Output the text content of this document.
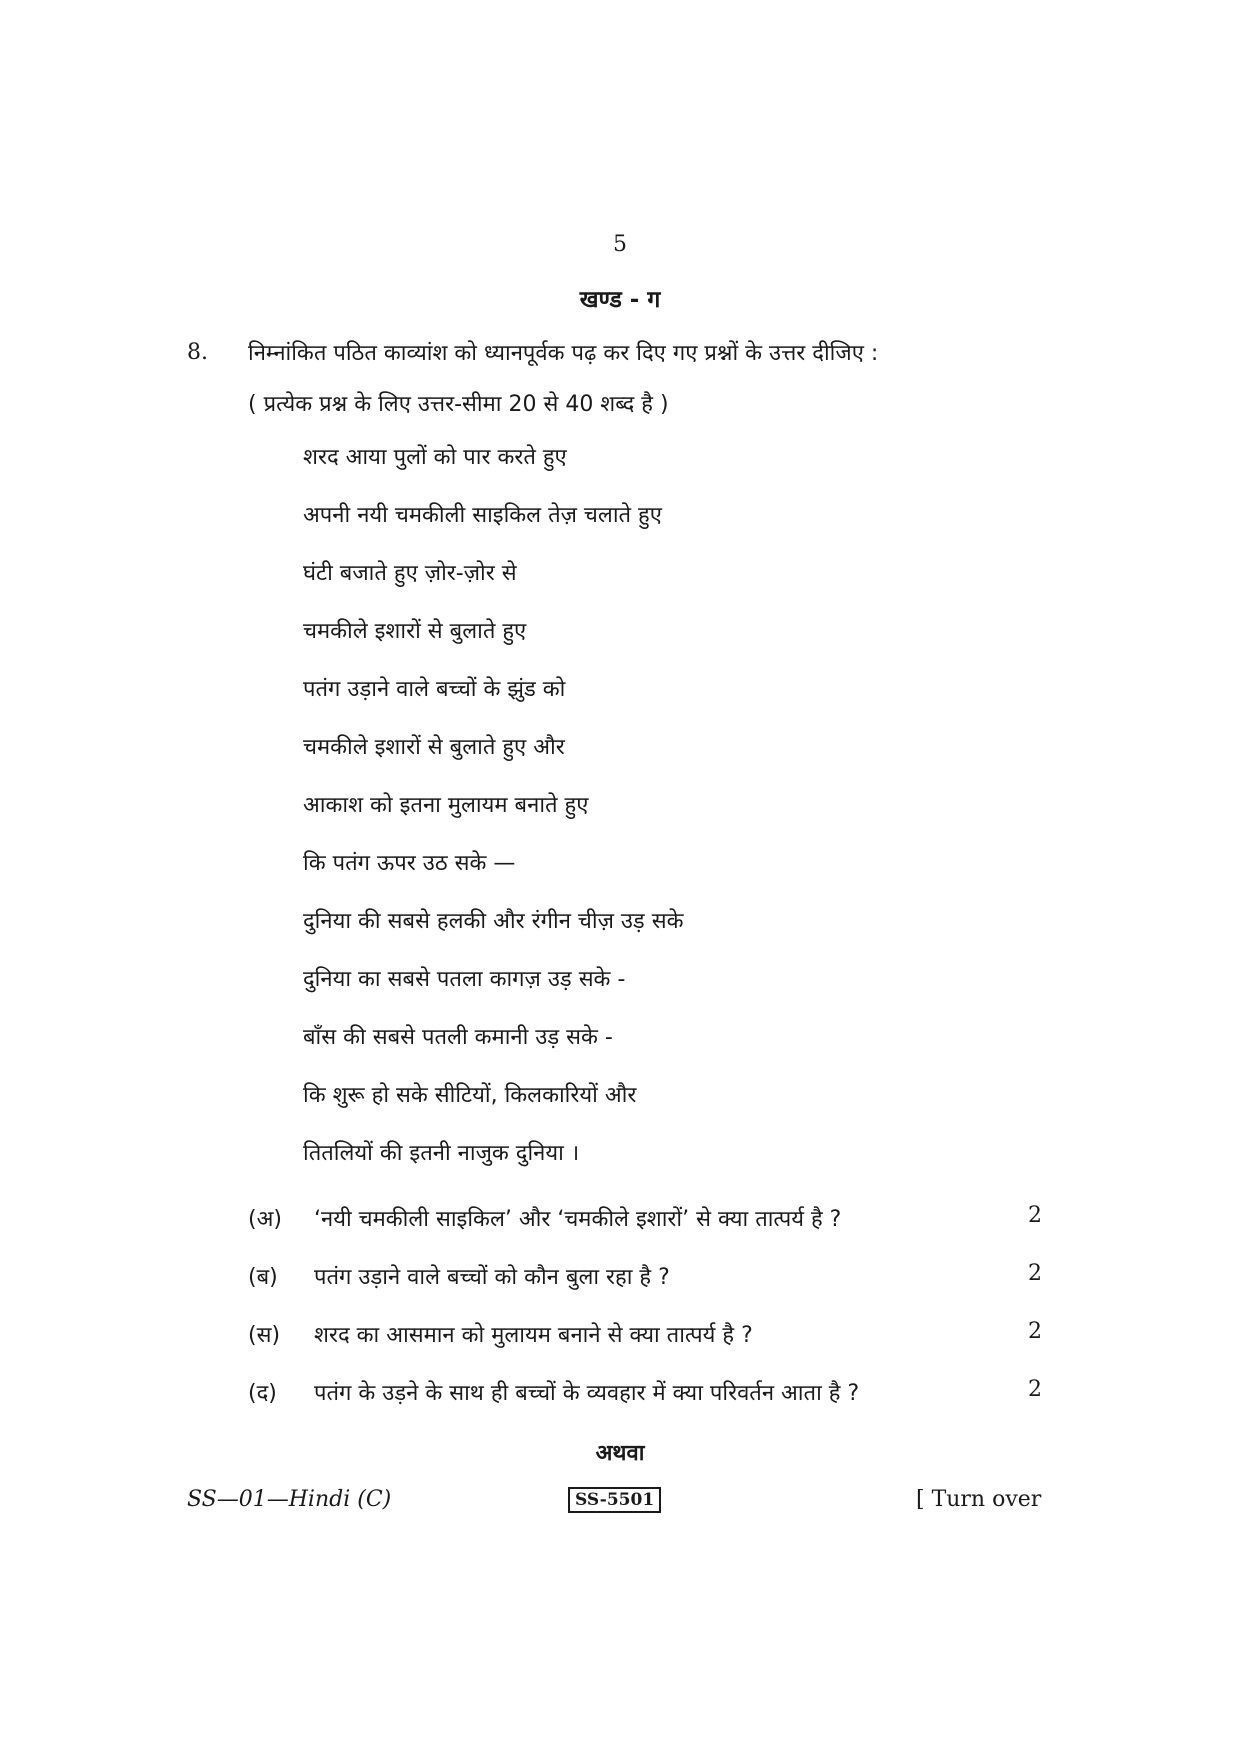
5
खण्ड - ग
8. निम्नांकित पठित काव्यांश को ध्यानपूर्वक पढ़ कर दिए गए प्रश्नों के उत्तर दीजिए :
( प्रत्येक प्रश्न के लिए उत्तर-सीमा 20 से 40 शब्द है )
शरद आया पुलों को पार करते हुए
अपनी नयी चमकीली साइकिल तेज़ चलाते हुए
घंटी बजाते हुए ज़ोर-ज़ोर से
चमकीले इशारों से बुलाते हुए
पतंग उड़ाने वाले बच्चों के झुंड को
चमकीले इशारों से बुलाते हुए और
आकाश को इतना मुलायम बनाते हुए
कि पतंग ऊपर उठ सके —
दुनिया की सबसे हलकी और रंगीन चीज़ उड़ सके
दुनिया का सबसे पतला कागज़ उड़ सके -
बाँस की सबसे पतली कमानी उड़ सके -
कि शुरू हो सके सीटियों, किलकारियों और
तितलियों की इतनी नाजुक दुनिया ।
(अ) ‘नयी चमकीली साइकिल’ और ‘चमकीले इशारों’ से क्या तात्पर्य है ?	2
(ब) पतंग उड़ाने वाले बच्चों को कौन बुला रहा है ?	2
(स) शरद का आसमान को मुलायम बनाने से क्या तात्पर्य है ?	2
(द) पतंग के उड़ने के साथ ही बच्चों के व्यवहार में क्या परिवर्तन आता है ?	2
अथवा
SS—01—Hindi (C)	SS-5501	[ Turn over
